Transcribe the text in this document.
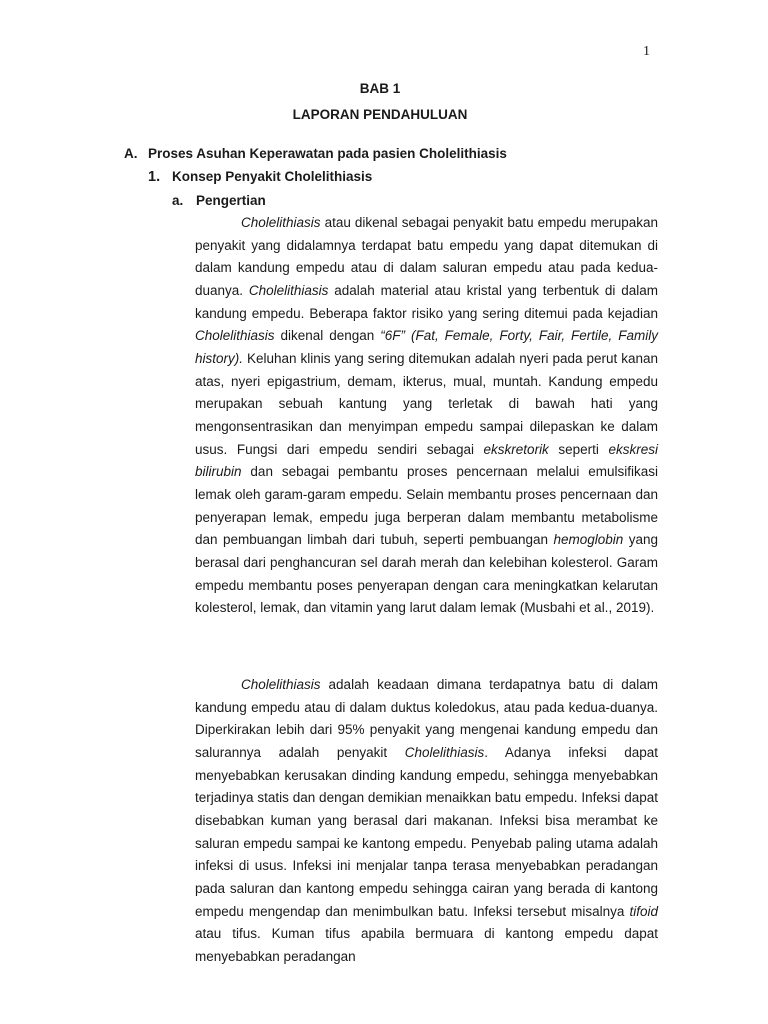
1
BAB 1
LAPORAN PENDAHULUAN
A. Proses Asuhan Keperawatan pada pasien Cholelithiasis
1. Konsep Penyakit Cholelithiasis
a. Pengertian
Cholelithiasis atau dikenal sebagai penyakit batu empedu merupakan penyakit yang didalamnya terdapat batu empedu yang dapat ditemukan di dalam kandung empedu atau di dalam saluran empedu atau pada kedua-duanya. Cholelithiasis adalah material atau kristal yang terbentuk di dalam kandung empedu. Beberapa faktor risiko yang sering ditemui pada kejadian Cholelithiasis dikenal dengan “6F” (Fat, Female, Forty, Fair, Fertile, Family history). Keluhan klinis yang sering ditemukan adalah nyeri pada perut kanan atas, nyeri epigastrium, demam, ikterus, mual, muntah. Kandung empedu merupakan sebuah kantung yang terletak di bawah hati yang mengonsentrasikan dan menyimpan empedu sampai dilepaskan ke dalam usus. Fungsi dari empedu sendiri sebagai ekskretorik seperti ekskresi bilirubin dan sebagai pembantu proses pencernaan melalui emulsifikasi lemak oleh garam-garam empedu. Selain membantu proses pencernaan dan penyerapan lemak, empedu juga berperan dalam membantu metabolisme dan pembuangan limbah dari tubuh, seperti pembuangan hemoglobin yang berasal dari penghancuran sel darah merah dan kelebihan kolesterol. Garam empedu membantu poses penyerapan dengan cara meningkatkan kelarutan kolesterol, lemak, dan vitamin yang larut dalam lemak (Musbahi et al., 2019).
Cholelithiasis adalah keadaan dimana terdapatnya batu di dalam kandung empedu atau di dalam duktus koledokus, atau pada kedua-duanya. Diperkirakan lebih dari 95% penyakit yang mengenai kandung empedu dan salurannya adalah penyakit Cholelithiasis. Adanya infeksi dapat menyebabkan kerusakan dinding kandung empedu, sehingga menyebabkan terjadinya statis dan dengan demikian menaikkan batu empedu. Infeksi dapat disebabkan kuman yang berasal dari makanan. Infeksi bisa merambat ke saluran empedu sampai ke kantong empedu. Penyebab paling utama adalah infeksi di usus. Infeksi ini menjalar tanpa terasa menyebabkan peradangan pada saluran dan kantong empedu sehingga cairan yang berada di kantong empedu mengendap dan menimbulkan batu. Infeksi tersebut misalnya tifoid atau tifus. Kuman tifus apabila bermuara di kantong empedu dapat menyebabkan peradangan
